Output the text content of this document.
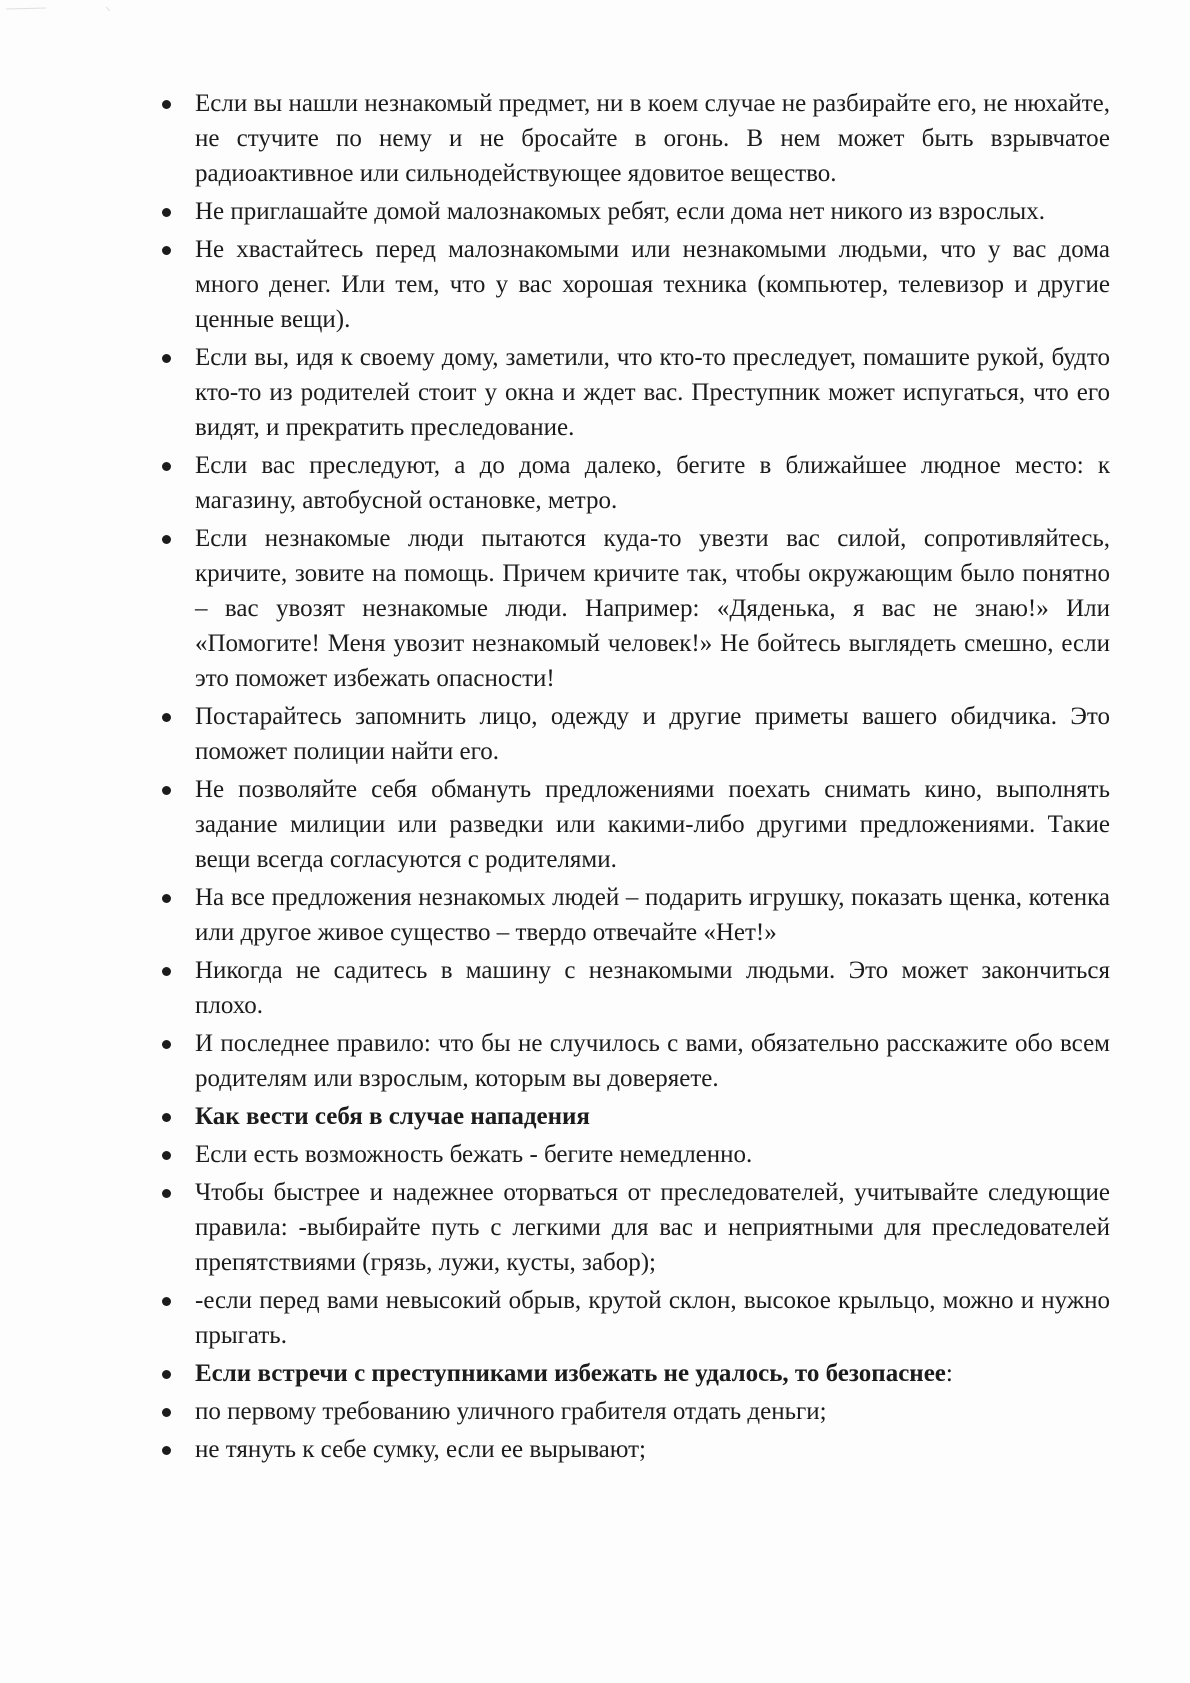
Если вы нашли незнакомый предмет, ни в коем случае не разбирайте его, не нюхайте, не стучите по нему и не бросайте в огонь. В нем может быть взрывчатое радиоактивное или сильнодействующее ядовитое вещество.
Не приглашайте домой малознакомых ребят, если дома нет никого из взрослых.
Не хвастайтесь перед малознакомыми или незнакомыми людьми, что у вас дома много денег. Или тем, что у вас хорошая техника (компьютер, телевизор и другие ценные вещи).
Если вы, идя к своему дому, заметили, что кто-то преследует, помашите рукой, будто кто-то из родителей стоит у окна и ждет вас. Преступник может испугаться, что его видят, и прекратить преследование.
Если вас преследуют, а до дома далеко, бегите в ближайшее людное место: к магазину, автобусной остановке, метро.
Если незнакомые люди пытаются куда-то увезти вас силой, сопротивляйтесь, кричите, зовите на помощь. Причем кричите так, чтобы окружающим было понятно – вас увозят незнакомые люди. Например: «Дяденька, я вас не знаю!» Или «Помогите! Меня увозит незнакомый человек!» Не бойтесь выглядеть смешно, если это поможет избежать опасности!
Постарайтесь запомнить лицо, одежду и другие приметы вашего обидчика. Это поможет полиции найти его.
Не позволяйте себя обмануть предложениями поехать снимать кино, выполнять задание милиции или разведки или какими-либо другими предложениями. Такие вещи всегда согласуются с родителями.
На все предложения незнакомых людей – подарить игрушку, показать щенка, котенка или другое живое существо – твердо отвечайте «Нет!»
Никогда не садитесь в машину с незнакомыми людьми. Это может закончиться плохо.
И последнее правило: что бы не случилось с вами, обязательно расскажите обо всем родителям или взрослым, которым вы доверяете.
Как вести себя в случае нападения
Если есть возможность бежать - бегите немедленно.
Чтобы быстрее и надежнее оторваться от преследователей, учитывайте следующие правила: -выбирайте путь с легкими для вас и неприятными для преследователей препятствиями (грязь, лужи, кусты, забор);
-если перед вами невысокий обрыв, крутой склон, высокое крыльцо, можно и нужно прыгать.
Если встречи с преступниками избежать не удалось, то безопаснее:
по первому требованию уличного грабителя отдать деньги;
не тянуть к себе сумку, если ее вырывают;
